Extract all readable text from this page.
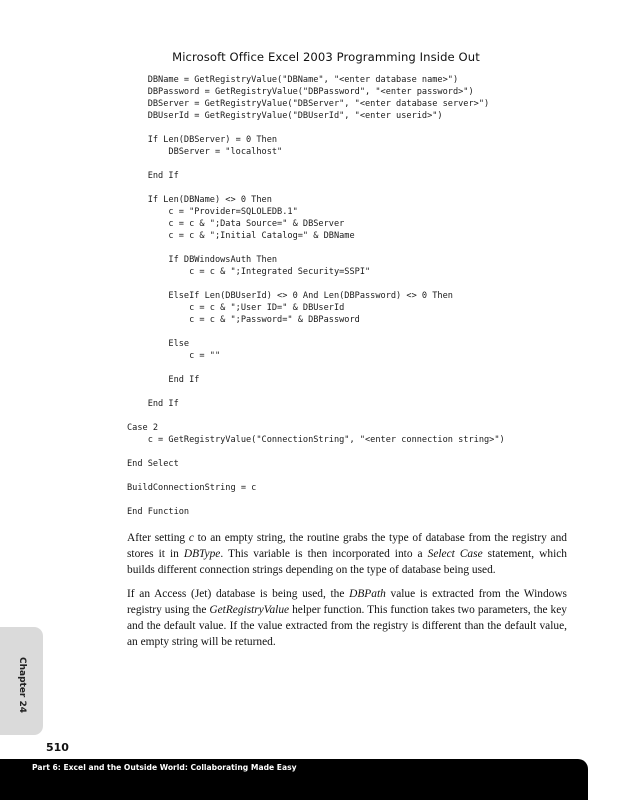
Microsoft Office Excel 2003 Programming Inside Out
DBName = GetRegistryValue("DBName", "<enter database name>")
DBPassword = GetRegistryValue("DBPassword", "<enter password>")
DBServer = GetRegistryValue("DBServer", "<enter database server>")
DBUserId = GetRegistryValue("DBUserId", "<enter userid>")
If Len(DBServer) = 0 Then
DBServer = "localhost"
End If
If Len(DBName) <> 0 Then
c = "Provider=SQLOLEDB.1"
c = c & ";Data Source=" & DBServer
c = c & ";Initial Catalog=" & DBName
If DBWindowsAuth Then
c = c & ";Integrated Security=SSPI"
ElseIf Len(DBUserId) <> 0 And Len(DBPassword) <> 0 Then
c = c & ";User ID=" & DBUserId
c = c & ";Password=" & DBPassword
Else
c = ""
End If
End If
Case 2
c = GetRegistryValue("ConnectionString", "<enter connection string>")
End Select
BuildConnectionString = c
End Function

After setting c to an empty string, the routine grabs the type of database from the registry and stores it in DBType. This variable is then incorporated into a Select Case statement, which builds different connection strings depending on the type of database being used.

If an Access (Jet) database is being used, the DBPath value is extracted from the Windows registry using the GetRegistryValue helper function. This function takes two parameters, the key and the default value. If the value extracted from the registry is different than the default value, an empty string will be returned.

Chapter 24
510
Part 6: Excel and the Outside World: Collaborating Made Easy
